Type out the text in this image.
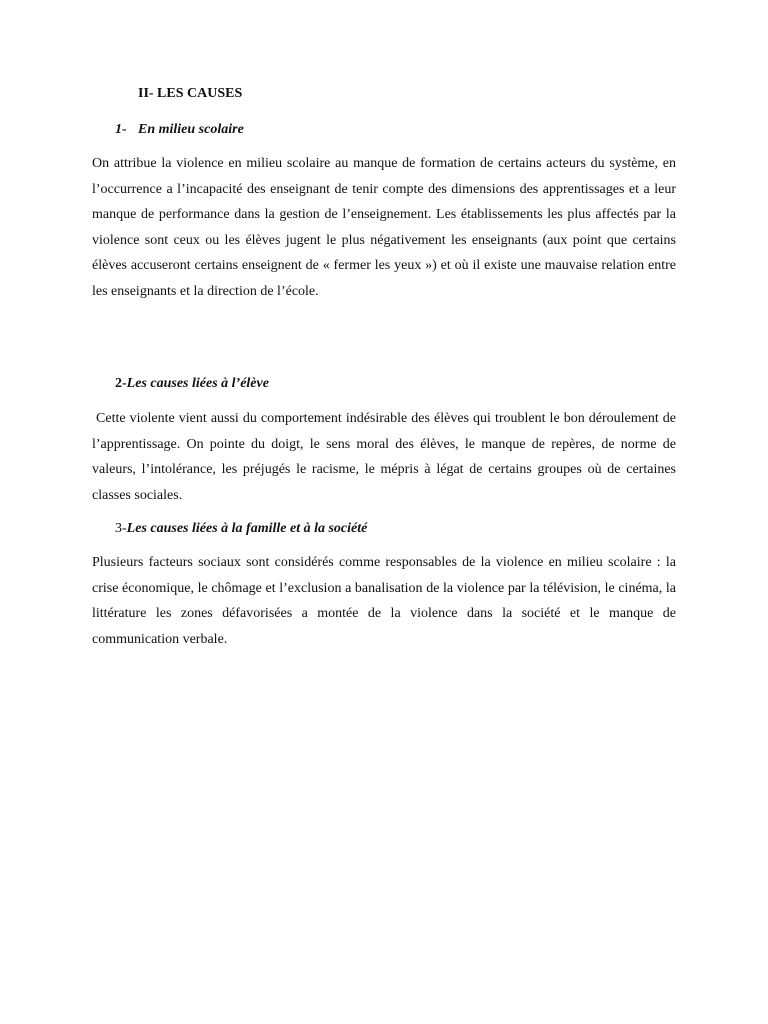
II- LES CAUSES
1- En milieu scolaire

On attribue la violence en milieu scolaire au manque de formation de certains acteurs du système, en l’occurrence a l’incapacité des enseignant de tenir compte des dimensions des apprentissages et a leur manque de performance dans la gestion de l’enseignement. Les établissements les plus affectés par la violence sont ceux ou les élèves jugent le plus négativement les enseignants (aux point que certains élèves accuseront certains enseignent de « fermer les yeux ») et où il existe une mauvaise relation entre les enseignants et la direction de l’école.

2-Les causes liées à l’élève

Cette violente vient aussi du comportement indésirable des élèves qui troublent le bon déroulement de l’apprentissage. On pointe du doigt, le sens moral des élèves, le manque de repères, de norme de valeurs, l’intolérance, les préjugés le racisme, le mépris à légat de certains groupes où de certaines classes sociales.

3-Les causes liées à la famille et à la société

Plusieurs facteurs sociaux sont considérés comme responsables de la violence en milieu scolaire : la crise économique, le chômage et l’exclusion a banalisation de la violence par la télévision, le cinéma, la littérature les zones défavorisées a montée de la violence dans la société et le manque de communication verbale.
